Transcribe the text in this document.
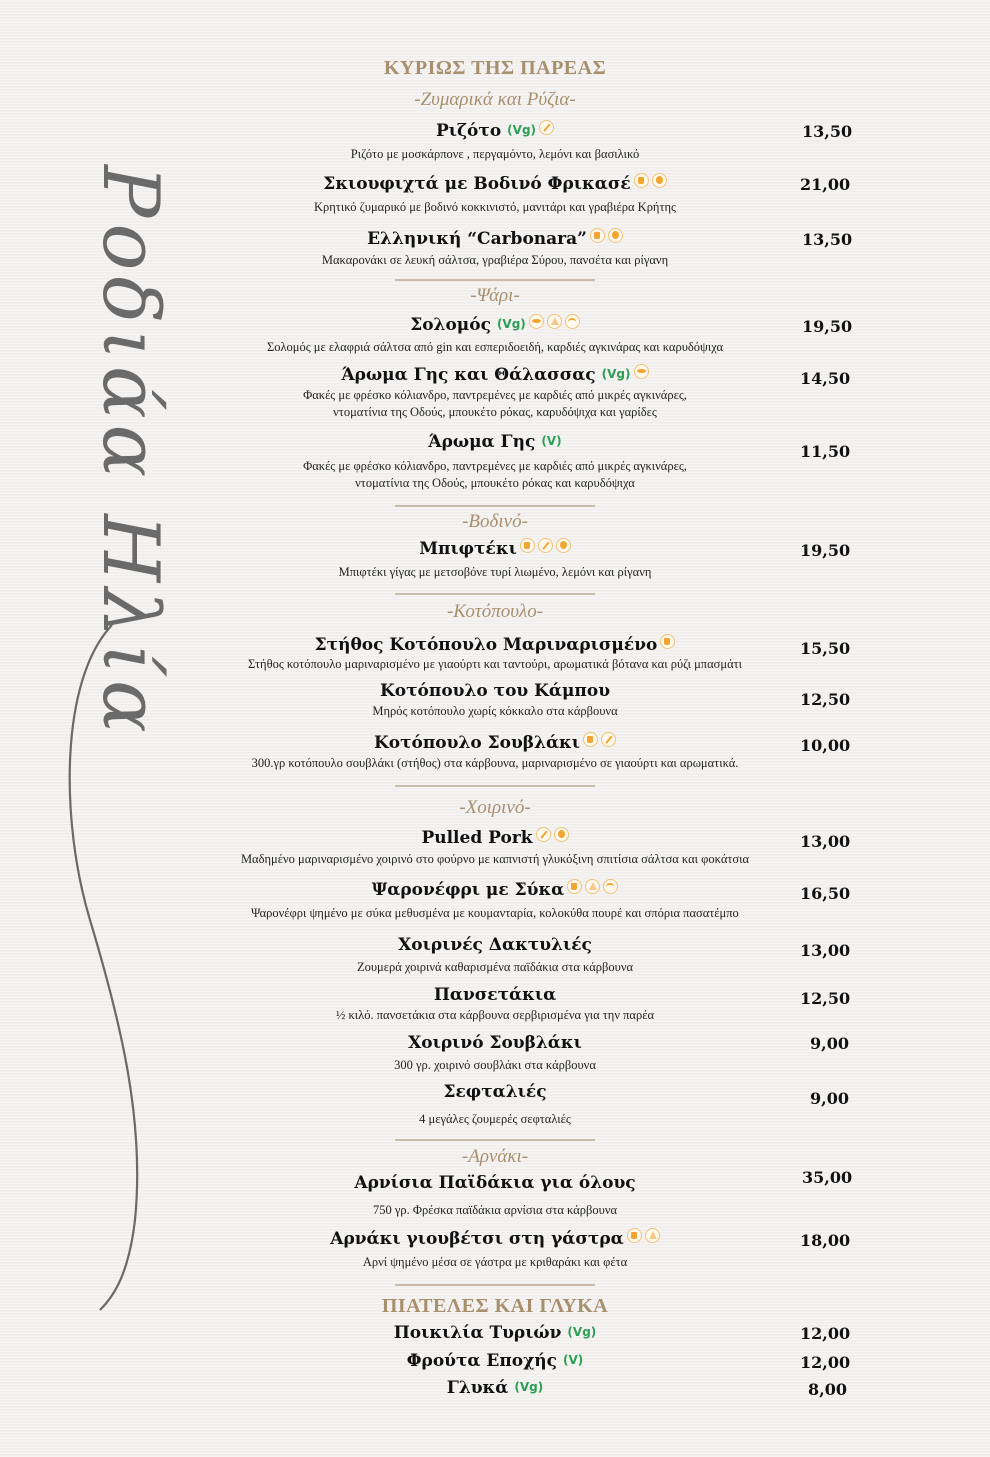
Ροδιάα Ηλία
ΚΥΡΙΩΣ ΤΗΣ ΠΑΡΕΑΣ
-Ζυμαρικά και Ρύζια-
Ριζότο (Vg)
Ριζότο με μοσκάρπονε , περγαμόντο, λεμόνι και βασιλικό
Σκιουφιχτά με Βοδινό Φρικασέ
Κρητικό ζυμαρικό με βοδινό κοκκινιστό, μανιτάρι και γραβιέρα Κρήτης
Ελληνική “Carbonara”
Μακαρονάκι σε λευκή σάλτσα, γραβιέρα Σύρου, πανσέτα και ρίγανη
-Ψάρι-
Σολομός (Vg)
Σολομός με ελαφριά σάλτσα από gin και εσπεριδοειδή, καρδιές αγκινάρας και καρυδόψιχα
Άρωμα Γης και Θάλασσας (Vg)
Φακές με φρέσκο κόλιανδρο, παντρεμένες με καρδιές από μικρές αγκινάρες,
ντοματίνια της Οδούς, μπουκέτο ρόκας, καρυδόψιχα και γαρίδες
Άρωμα Γης (V)
Φακές με φρέσκο κόλιανδρο, παντρεμένες με καρδιές από μικρές αγκινάρες,
ντοματίνια της Οδούς, μπουκέτο ρόκας και καρυδόψιχα
-Βοδινό-
Μπιφτέκι
Μπιφτέκι γίγας με μετσοβόνε τυρί λιωμένο, λεμόνι και ρίγανη
-Κοτόπουλο-
Στήθος Κοτόπουλο Μαριναρισμένο
Στήθος κοτόπουλο μαριναρισμένο με γιαούρτι και ταντούρι, αρωματικά βότανα και ρύζι μπασμάτι
Κοτόπουλο του Κάμπου
Μηρός κοτόπουλο χωρίς κόκκαλο στα κάρβουνα
Κοτόπουλο Σουβλάκι
300.γρ κοτόπουλο σουβλάκι (στήθος) στα κάρβουνα, μαριναρισμένο σε γιαούρτι και αρωματικά.
-Χοιρινό-
Pulled Pork
Μαδημένο μαριναρισμένο χοιρινό στο φούρνο με καπνιστή γλυκόξινη σπιτίσια σάλτσα και φοκάτσια
Ψαρονέφρι με Σύκα
Ψαρονέφρι ψημένο με σύκα μεθυσμένα με κουμανταρία, κολοκύθα πουρέ και σπόρια πασατέμπο
Χοιρινές Δακτυλιές
Ζουμερά χοιρινά καθαρισμένα παϊδάκια στα κάρβουνα
Πανσετάκια
½ κιλό. πανσετάκια στα κάρβουνα σερβιρισμένα για την παρέα
Χοιρινό Σουβλάκι
300 γρ. χοιρινό σουβλάκι στα κάρβουνα
Σεφταλιές
4 μεγάλες ζουμερές σεφταλιές
-Αρνάκι-
Αρνίσια Παϊδάκια για όλους
750 γρ. Φρέσκα παϊδάκια αρνίσια στα κάρβουνα
Αρνάκι γιουβέτσι στη γάστρα
Αρνί ψημένο μέσα σε γάστρα με κριθαράκι και φέτα
ΠΙΑΤΕΛΕΣ ΚΑΙ ΓΛΥΚΑ
Ποικιλία Τυριών (Vg)
Φρούτα Εποχής (V)
Γλυκά (Vg)
13,50
21,00
13,50
19,50
14,50
11,50
19,50
15,50
12,50
10,00
13,00
16,50
13,00
12,50
9,00
9,00
35,00
18,00
12,00
12,00
8,00
